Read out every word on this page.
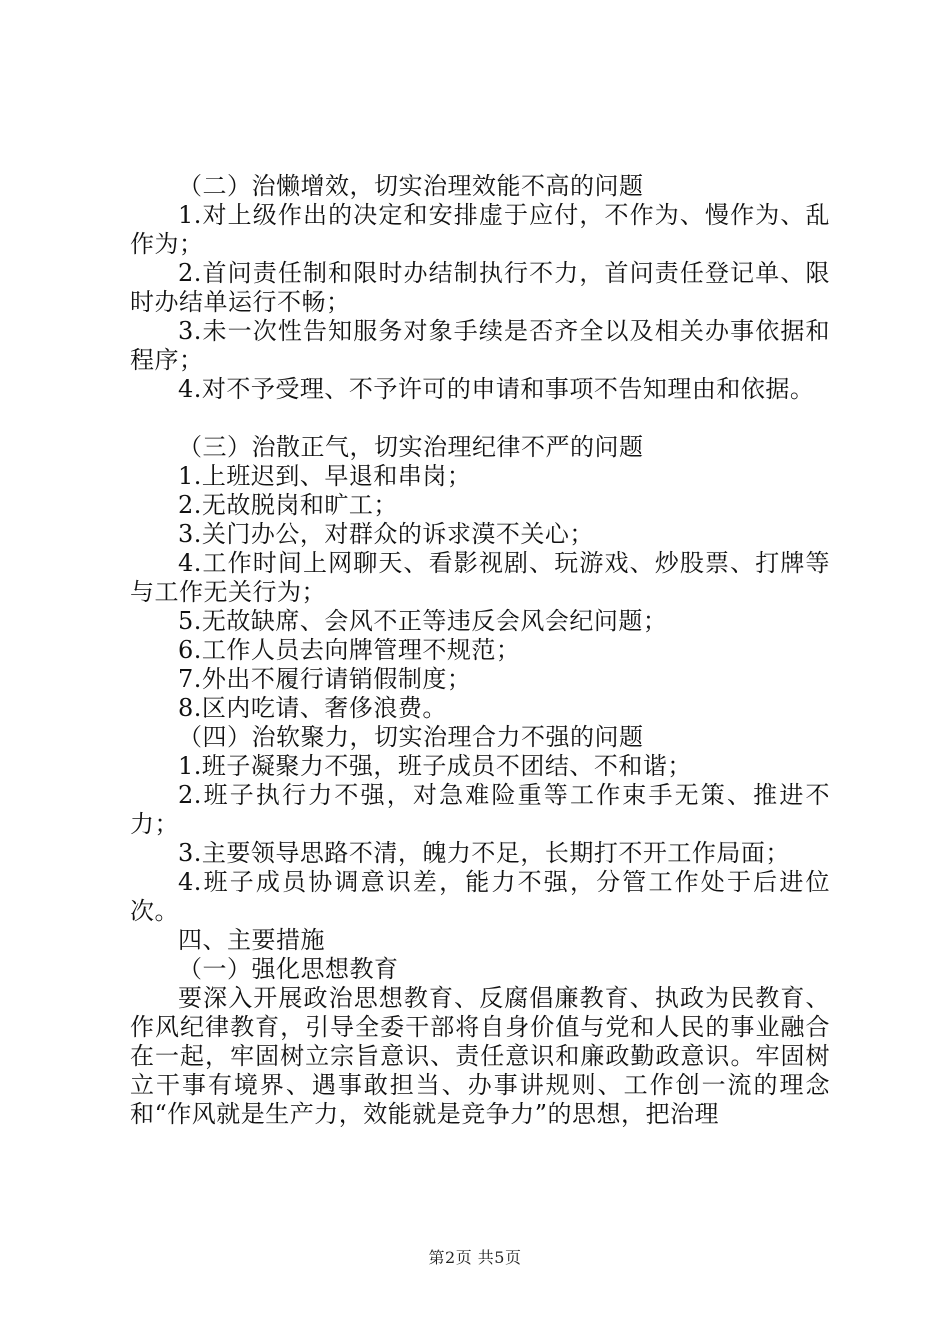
（二）治懒增效，切实治理效能不高的问题

1.对上级作出的决定和安排虚于应付，不作为、慢作为、乱作为；

2.首问责任制和限时办结制执行不力，首问责任登记单、限时办结单运行不畅；

3.未一次性告知服务对象手续是否齐全以及相关办事依据和程序；

4.对不予受理、不予许可的申请和事项不告知理由和依据。

（三）治散正气，切实治理纪律不严的问题

1.上班迟到、早退和串岗；

2.无故脱岗和旷工；

3.关门办公，对群众的诉求漠不关心；

4.工作时间上网聊天、看影视剧、玩游戏、炒股票、打牌等与工作无关行为；

5.无故缺席、会风不正等违反会风会纪问题；

6.工作人员去向牌管理不规范；

7.外出不履行请销假制度；

8.区内吃请、奢侈浪费。

（四）治软聚力，切实治理合力不强的问题

1.班子凝聚力不强，班子成员不团结、不和谐；

2.班子执行力不强，对急难险重等工作束手无策、推进不力；

3.主要领导思路不清，魄力不足，长期打不开工作局面；

4.班子成员协调意识差，能力不强，分管工作处于后进位次。

四、主要措施

（一）强化思想教育

要深入开展政治思想教育、反腐倡廉教育、执政为民教育、作风纪律教育，引导全委干部将自身价值与党和人民的事业融合在一起，牢固树立宗旨意识、责任意识和廉政勤政意识。牢固树立干事有境界、遇事敢担当、办事讲规则、工作创一流的理念和“作风就是生产力，效能就是竞争力”的思想，把治理

第2页 共5页
